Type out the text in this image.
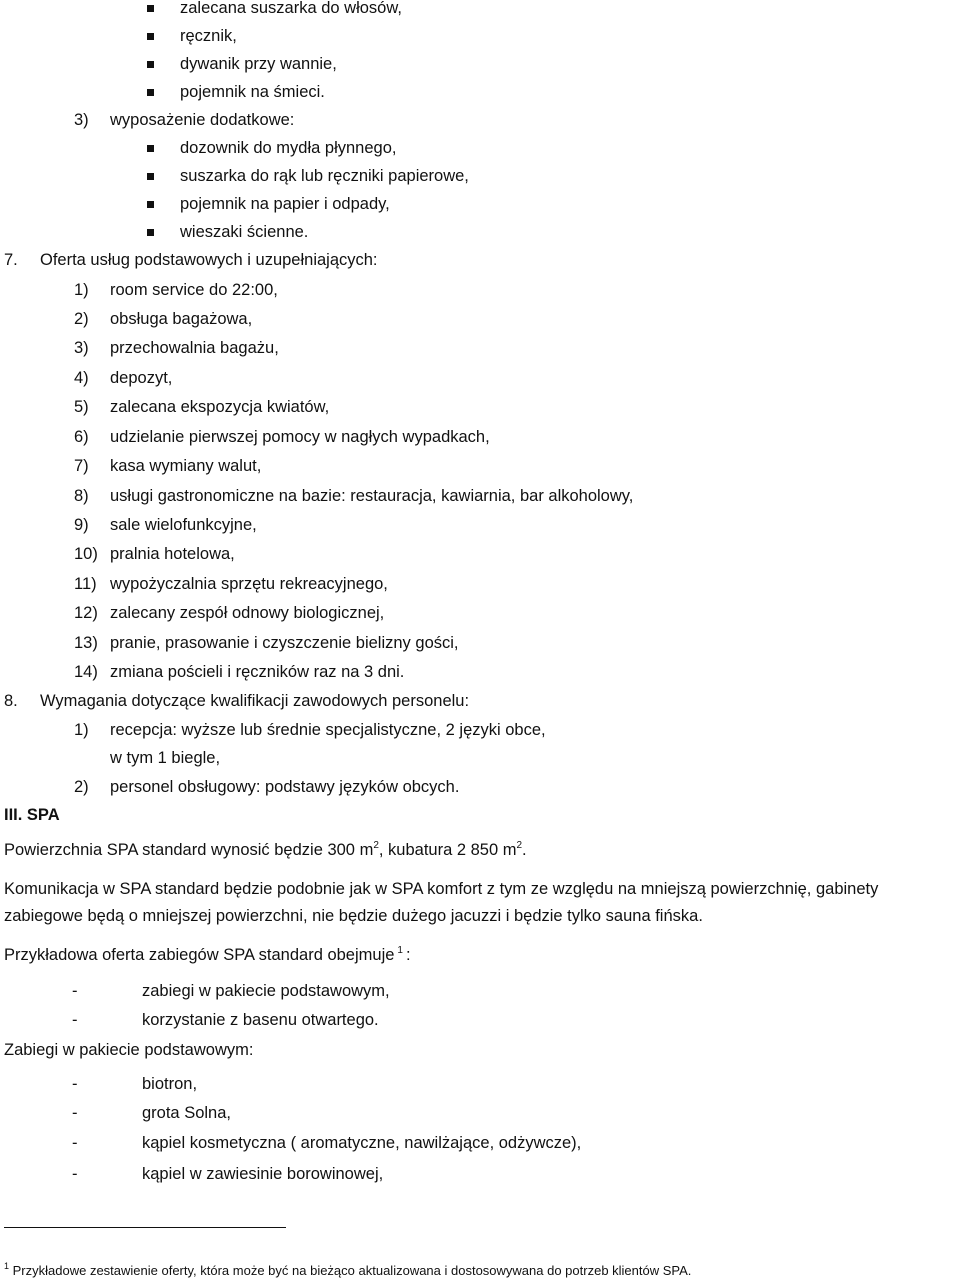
zalecana suszarka do włosów,
ręcznik,
dywanik przy wannie,
pojemnik na śmieci.
3) wyposażenie dodatkowe:
dozownik do mydła płynnego,
suszarka do rąk lub ręczniki papierowe,
pojemnik na papier i odpady,
wieszaki ścienne.
7. Oferta usług podstawowych i uzupełniających:
1) room service do 22:00,
2) obsługa bagażowa,
3) przechowalnia bagażu,
4) depozyt,
5) zalecana ekspozycja kwiatów,
6) udzielanie pierwszej pomocy w nagłych wypadkach,
7) kasa wymiany walut,
8) usługi gastronomiczne na bazie: restauracja, kawiarnia, bar alkoholowy,
9) sale wielofunkcyjne,
10) pralnia hotelowa,
11) wypożyczalnia sprzętu rekreacyjnego,
12) zalecany zespół odnowy biologicznej,
13) pranie, prasowanie i czyszczenie bielizny gości,
14) zmiana pościeli i ręczników raz na 3 dni.
8. Wymagania dotyczące kwalifikacji zawodowych personelu:
1) recepcja: wyższe lub średnie specjalistyczne, 2 języki obce,
w tym 1 biegle,
2) personel obsługowy: podstawy języków obcych.
III. SPA
Powierzchnia SPA standard wynosić będzie 300 $m^2$, kubatura 2 850 $m^2$.
Komunikacja w SPA standard będzie podobnie jak w SPA komfort z tym ze względu na mniejszą powierzchnię, gabinety
zabiegowe będą o mniejszej powierzchni, nie będzie dużego jacuzzi i będzie tylko sauna fińska.
Przykładowa oferta zabiegów SPA standard obejmuje $^1$ :
-	zabiegi w pakiecie podstawowym,
-	korzystanie z basenu otwartego.
Zabiegi w pakiecie podstawowym:
-	biotron,
-	grota Solna,
-	kąpiel kosmetyczna ( aromatyczne, nawilżające, odżywcze),
-	kąpiel w zawiesinie borowinowej,
$^1$ Przykładowe zestawienie oferty, która może być na bieżąco aktualizowana i dostosowywana do potrzeb klientów SPA.
